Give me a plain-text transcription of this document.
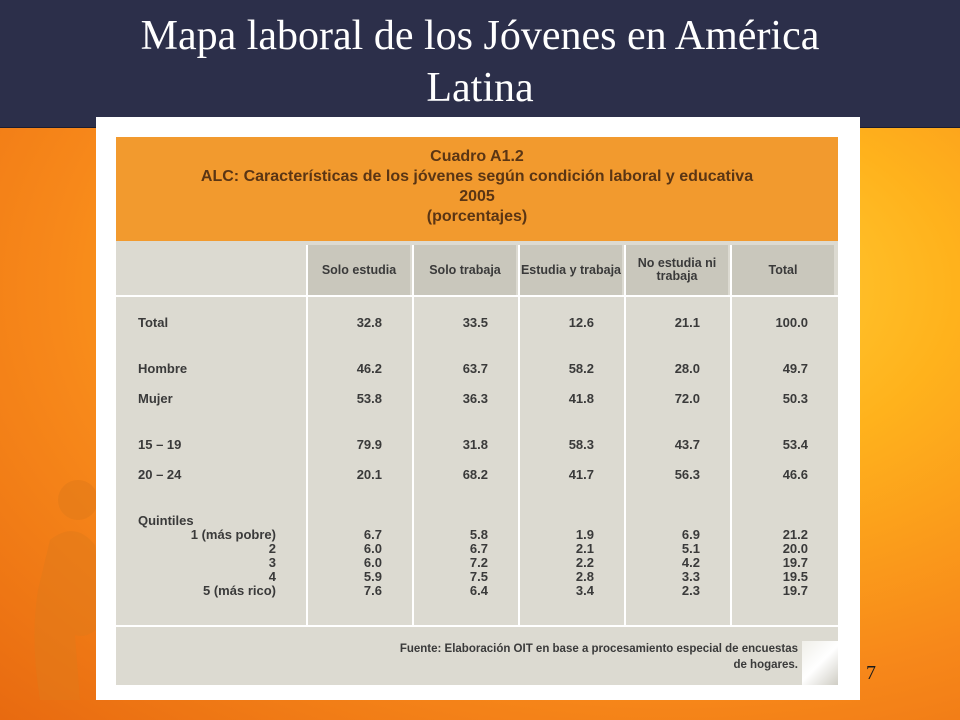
Mapa laboral de los Jóvenes en América
Latina
Cuadro A1.2
ALC: Características de los jóvenes según condición laboral y educativa
2005
(porcentajes)
Solo estudia	Solo trabaja	Estudia y trabaja	No estudia ni trabaja	Total
Total	32.8	33.5	12.6	21.1	100.0
Hombre	46.2	63.7	58.2	28.0	49.7
Mujer	53.8	36.3	41.8	72.0	50.3
15 – 19	79.9	31.8	58.3	43.7	53.4
20 – 24	20.1	68.2	41.7	56.3	46.6
Quintiles
1 (más pobre)	6.7	5.8	1.9	6.9	21.2
2	6.0	6.7	2.1	5.1	20.0
3	6.0	7.2	2.2	4.2	19.7
4	5.9	7.5	2.8	3.3	19.5
5 (más rico)	7.6	6.4	3.4	2.3	19.7
Fuente: Elaboración OIT en base a procesamiento especial de encuestas
de hogares.	7
